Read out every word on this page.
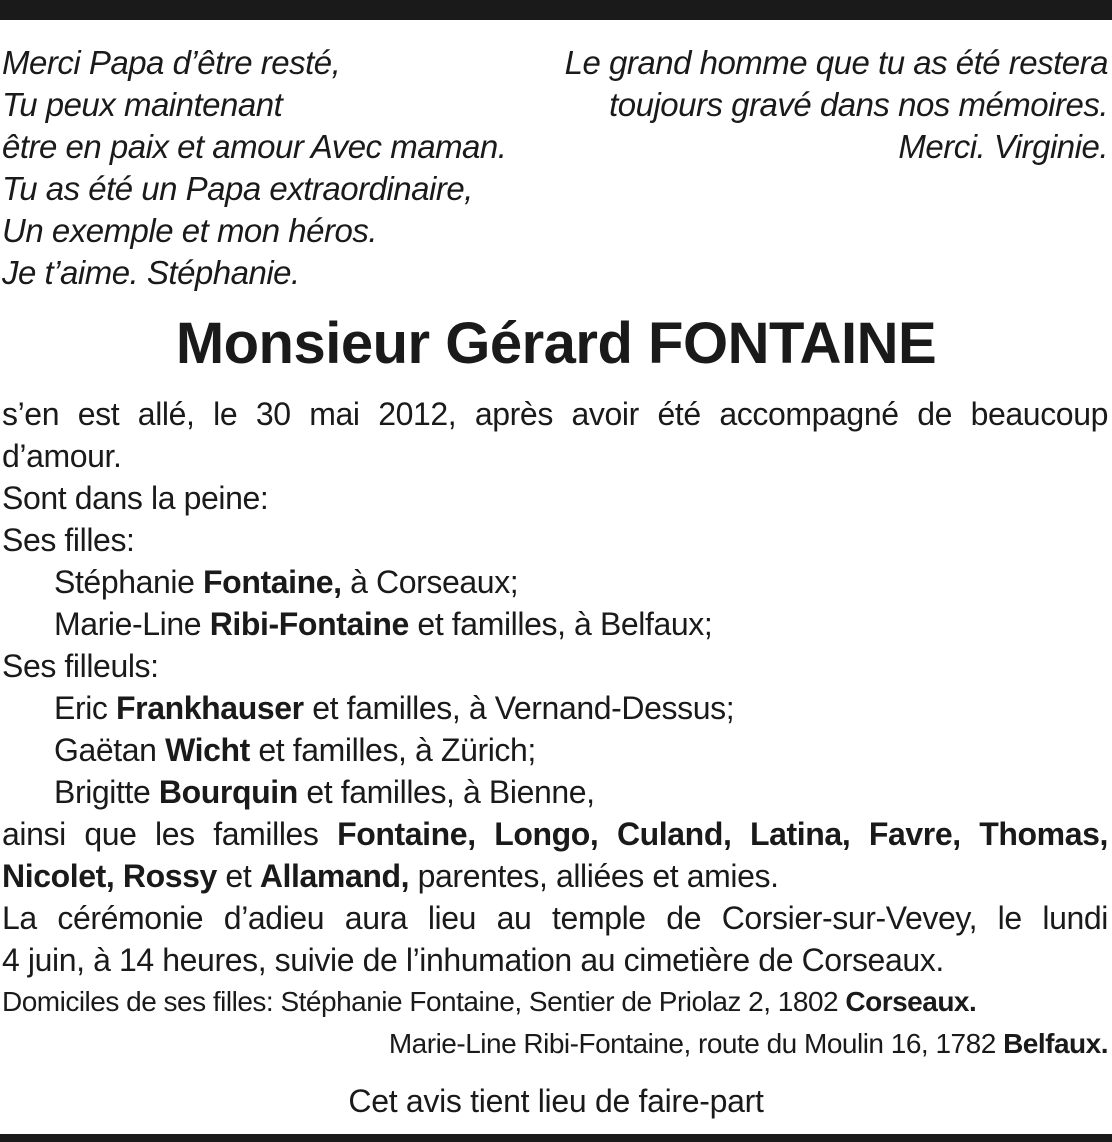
Merci Papa d’être resté,
Tu peux maintenant
être en paix et amour Avec maman.
Tu as été un Papa extraordinaire,
Un exemple et mon héros.
Je t’aime. Stéphanie.
Le grand homme que tu as été restera
toujours gravé dans nos mémoires.
Merci. Virginie.
Monsieur Gérard FONTAINE
s’en est allé, le 30 mai 2012, après avoir été accompagné de beaucoup
d’amour.
Sont dans la peine:
Ses filles:
Stéphanie Fontaine, à Corseaux;
Marie-Line Ribi-Fontaine et familles, à Belfaux;
Ses filleuls:
Eric Frankhauser et familles, à Vernand-Dessus;
Gaëtan Wicht et familles, à Zürich;
Brigitte Bourquin et familles, à Bienne,
ainsi que les familles Fontaine, Longo, Culand, Latina, Favre, Thomas,
Nicolet, Rossy et Allamand, parentes, alliées et amies.
La cérémonie d’adieu aura lieu au temple de Corsier-sur-Vevey, le lundi
4 juin, à 14 heures, suivie de l’inhumation au cimetière de Corseaux.
Domiciles de ses filles: Stéphanie Fontaine, Sentier de Priolaz 2, 1802 Corseaux.
Marie-Line Ribi-Fontaine, route du Moulin 16, 1782 Belfaux.
Cet avis tient lieu de faire-part
